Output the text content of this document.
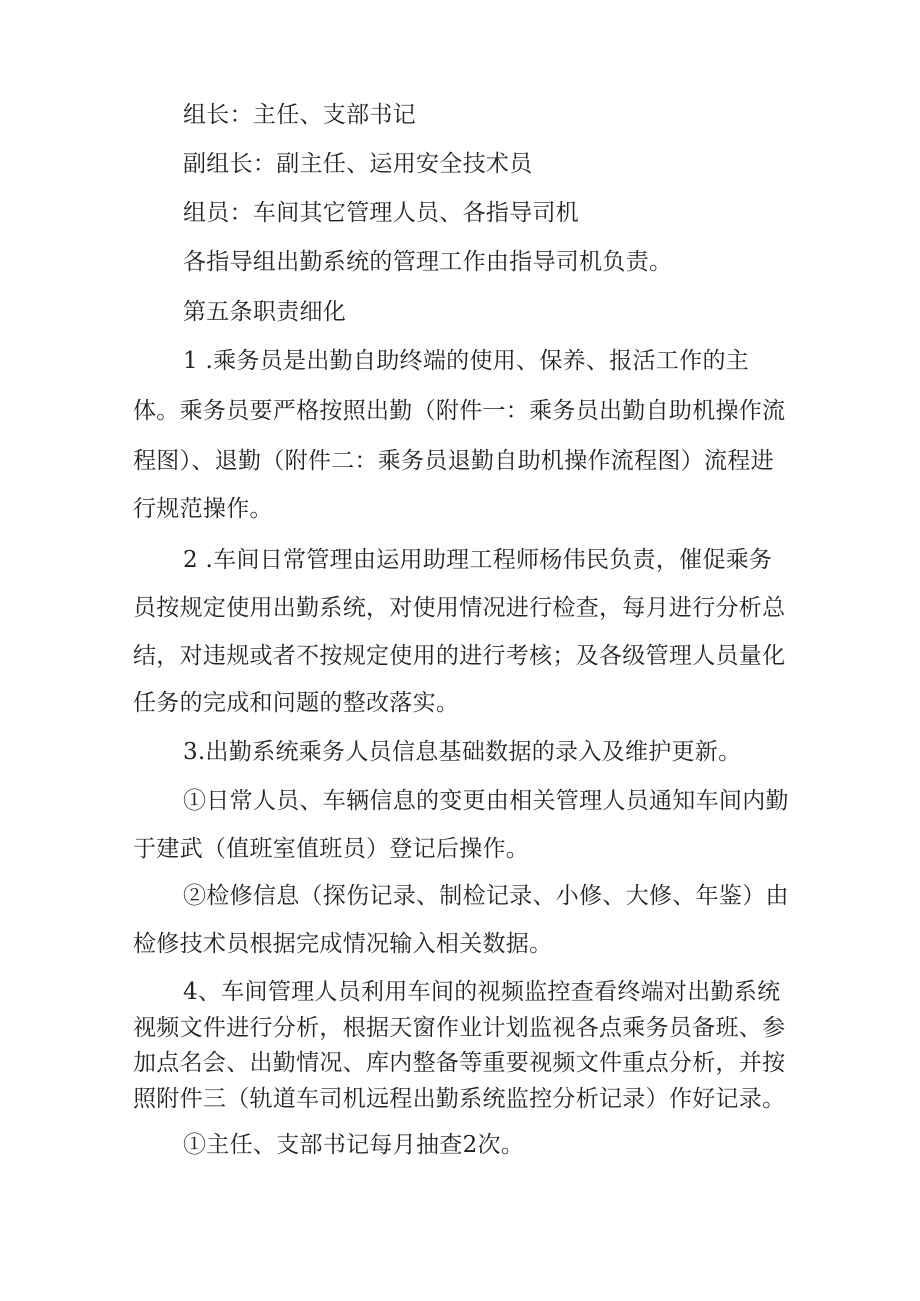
组长：主任、支部书记
副组长：副主任、运用安全技术员
组员：车间其它管理人员、各指导司机
各指导组出勤系统的管理工作由指导司机负责。
第五条职责细化
1 .乘务员是出勤自助终端的使用、保养、报活工作的主
体。乘务员要严格按照出勤（附件一：乘务员出勤自助机操作流
程图）、退勤（附件二：乘务员退勤自助机操作流程图）流程进
行规范操作。
2 .车间日常管理由运用助理工程师杨伟民负责，催促乘务
员按规定使用出勤系统，对使用情况进行检查，每月进行分析总
结，对违规或者不按规定使用的进行考核；及各级管理人员量化
任务的完成和问题的整改落实。
3.出勤系统乘务人员信息基础数据的录入及维护更新。
①日常人员、车辆信息的变更由相关管理人员通知车间内勤
于建武（值班室值班员）登记后操作。
②检修信息（探伤记录、制检记录、小修、大修、年鉴）由
检修技术员根据完成情况输入相关数据。
4、车间管理人员利用车间的视频监控查看终端对出勤系统
视频文件进行分析，根据天窗作业计划监视各点乘务员备班、参
加点名会、出勤情况、库内整备等重要视频文件重点分析，并按
照附件三（轨道车司机远程出勤系统监控分析记录）作好记录。
①主任、支部书记每月抽查2次。
